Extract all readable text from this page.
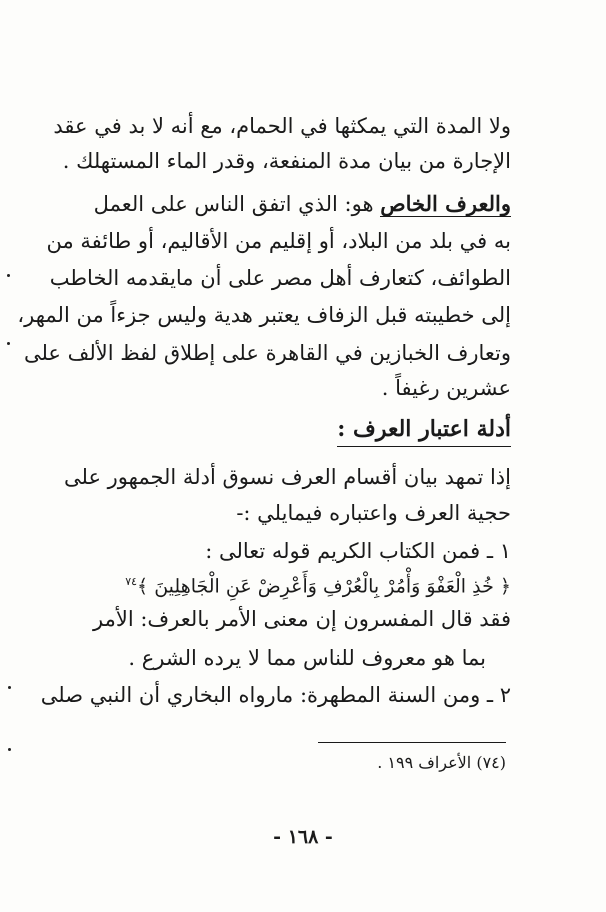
ولا المدة التي يمكثها في الحمام، مع أنه لا بد في عقد
الإجارة من بيان مدة المنفعة، وقدر الماء المستهلك .
والعرف الخاص هو: الذي اتفق الناس على العمل
به في بلد من البلاد، أو إقليم من الأقاليم، أو طائفة من
الطوائف، كتعارف أهل مصر على أن مايقدمه الخاطب
إلى خطيبته قبل الزفاف يعتبر هدية وليس جزءاً من المهر،
وتعارف الخبازين في القاهرة على إطلاق لفظ الألف على
عشرين رغيفاً .
أدلة اعتبار العرف :
إذا تمهد بيان أقسام العرف نسوق أدلة الجمهور على
حجية العرف واعتباره فيمايلي :-
١ ـ فمن الكتاب الكريم قوله تعالى :
﴿ خُذِ الْعَفْوَ وَأْمُرْ بِالْعُرْفِ وَأَعْرِضْ عَنِ الْجَاهِلِينَ ﴾$^{٧٤}$
فقد قال المفسرون إن معنى الأمر بالعرف: الأمر
بما هو معروف للناس مما لا يرده الشرع .
٢ ـ ومن السنة المطهرة: ماروا‌ه البخاري أن النبي صلى
(٧٤) الأعراف ١٩٩ .
- ١٦٨ -
